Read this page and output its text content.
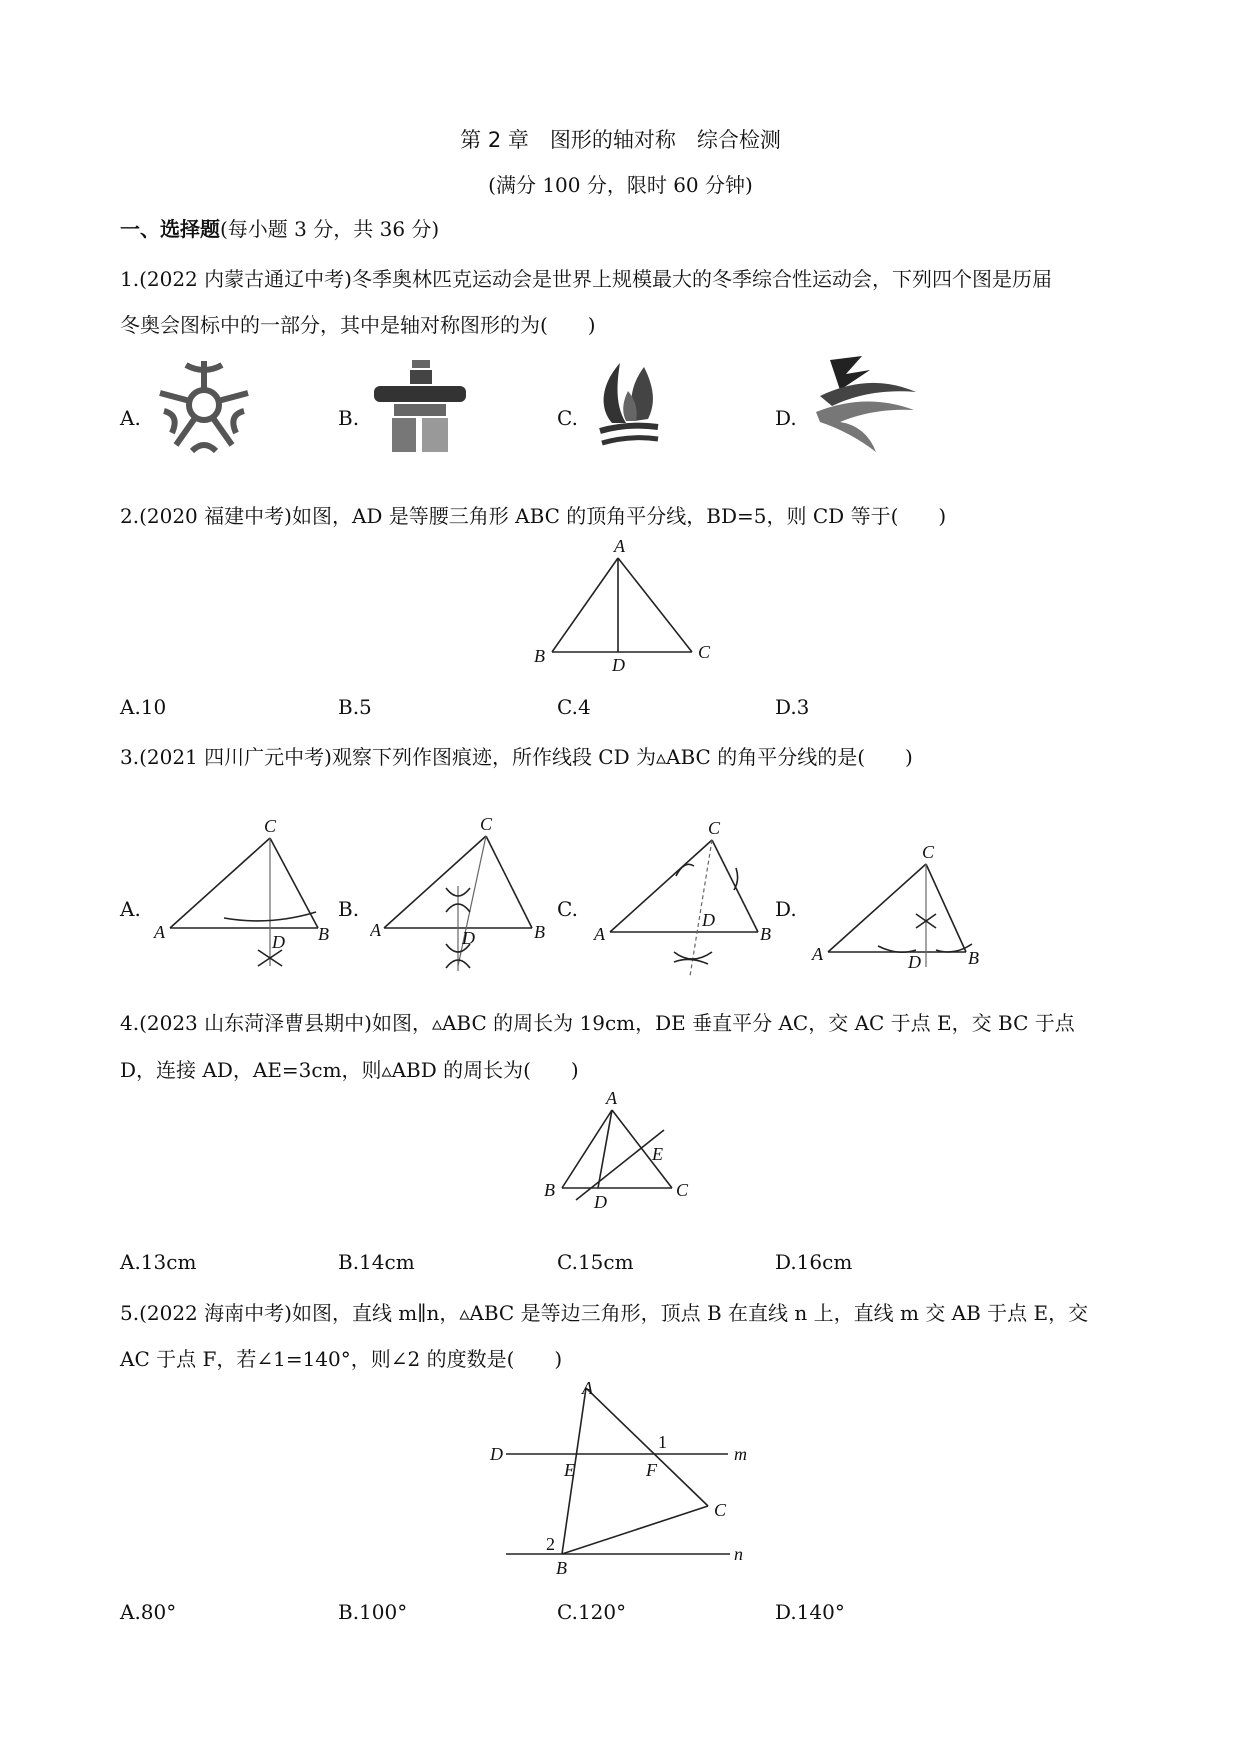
第 2 章　图形的轴对称　综合检测
(满分 100 分，限时 60 分钟)
一、选择题(每小题 3 分，共 36 分)
1.(2022 内蒙古通辽中考)冬季奥林匹克运动会是世界上规模最大的冬季综合性运动会，下列四个图是历届
冬奥会图标中的一部分，其中是轴对称图形的为(　　)
A.	B.	C.	D.
2.(2020 福建中考)如图，AD 是等腰三角形 ABC 的顶角平分线，BD=5，则 CD 等于(　　)
A
B	C
D
A.10	B.5	C.4	D.3
3.(2021 四川广元中考)观察下列作图痕迹，所作线段 CD 为▵ABC 的角平分线的是(　　)
A.
C
A	B
D
B.
C
A	B
D
C.
C
A	B
D	D.
C
A	B
D
4.(2023 山东菏泽曹县期中)如图，▵ABC 的周长为 19cm，DE 垂直平分 AC，交 AC 于点 E，交 BC 于点
D，连接 AD，AE=3cm，则▵ABD 的周长为(　　)
A
B	C
D
E
A.13cm	B.14cm	C.15cm	D.16cm
5.(2022 海南中考)如图，直线 m∥n，▵ABC 是等边三角形，顶点 B 在直线 n 上，直线 m 交 AB 于点 E，交
AC 于点 F，若∠1=140°，则∠2 的度数是(　　)
A
B
C
D
E	F
1
2
m
n
A.80°	B.100°	C.120°	D.140°
